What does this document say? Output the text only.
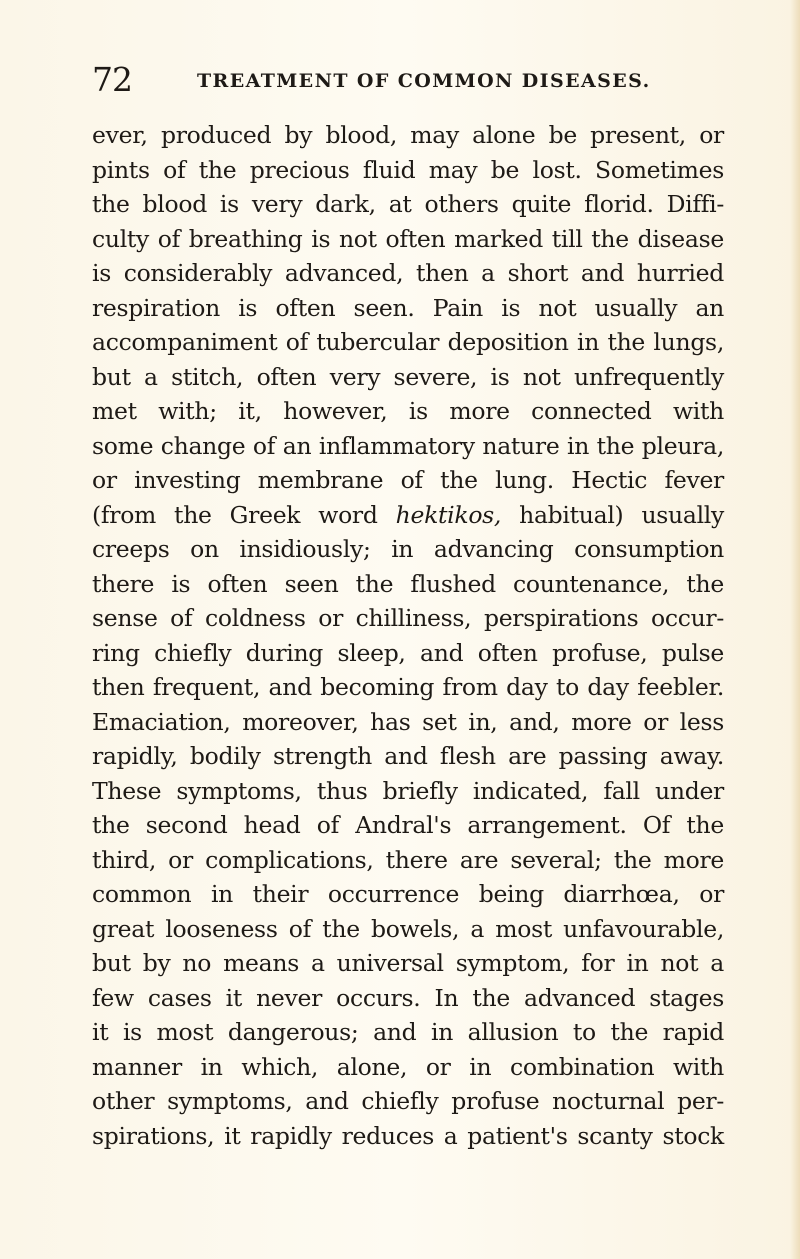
72	TREATMENT OF COMMON DISEASES.
ever, produced by blood, may alone be present, or
pints of the precious fluid may be lost. Sometimes
the blood is very dark, at others quite florid. Diffi-
culty of breathing is not often marked till the disease
is considerably advanced, then a short and hurried
respiration is often seen. Pain is not usually an
accompaniment of tubercular deposition in the lungs,
but a stitch, often very severe, is not unfrequently
met with; it, however, is more connected with
some change of an inflammatory nature in the pleura,
or investing membrane of the lung. Hectic fever
(from the Greek word hektikos, habitual) usually
creeps on insidiously; in advancing consumption
there is often seen the flushed countenance, the
sense of coldness or chilliness, perspirations occur-
ring chiefly during sleep, and often profuse, pulse
then frequent, and becoming from day to day feebler.
Emaciation, moreover, has set in, and, more or less
rapidly, bodily strength and flesh are passing away.
These symptoms, thus briefly indicated, fall under
the second head of Andral's arrangement. Of the
third, or complications, there are several; the more
common in their occurrence being diarrhœa, or
great looseness of the bowels, a most unfavourable,
but by no means a universal symptom, for in not a
few cases it never occurs. In the advanced stages
it is most dangerous; and in allusion to the rapid
manner in which, alone, or in combination with
other symptoms, and chiefly profuse nocturnal per-
spirations, it rapidly reduces a patient's scanty stock
